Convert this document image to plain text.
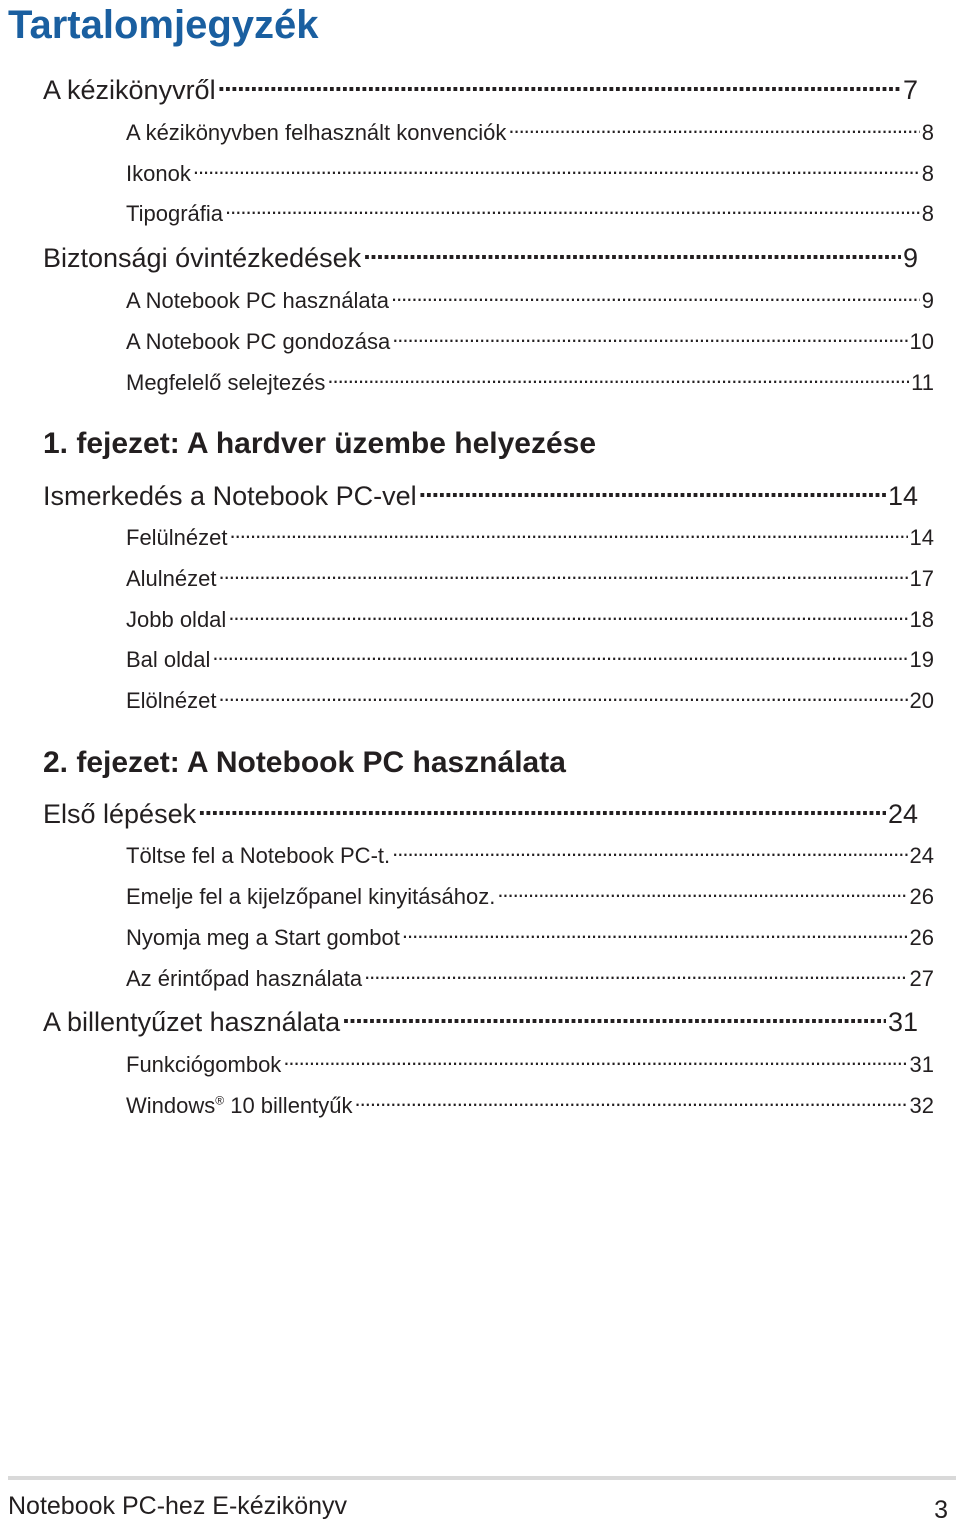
Tartalomjegyzék
A kézikönyvről .....	7
A kézikönyvben felhasznált konvenciók .....	8
Ikonok .....	8
Tipográfia .....	8
Biztonsági óvintézkedések .....	9
A Notebook PC használata .....	9
A Notebook PC gondozása .....	10
Megfelelő selejtezés .....	11
1. fejezet: A hardver üzembe helyezése
Ismerkedés a Notebook PC-vel .....	14
Felülnézet .....	14
Alulnézet .....	17
Jobb oldal .....	18
Bal oldal .....	19
Elölnézet .....	20
2. fejezet: A Notebook PC használata
Első lépések .....	24
Töltse fel a Notebook PC-t. .....	24
Emelje fel a kijelzőpanel kinyitásához. .....	26
Nyomja meg a Start gombot .....	26
Az érintőpad használata .....	27
A billentyűzet használata .....	31
Funkciógombok .....	31
Windows® 10 billentyűk .....	32
Notebook PC-hez E-kézikönyv	3
